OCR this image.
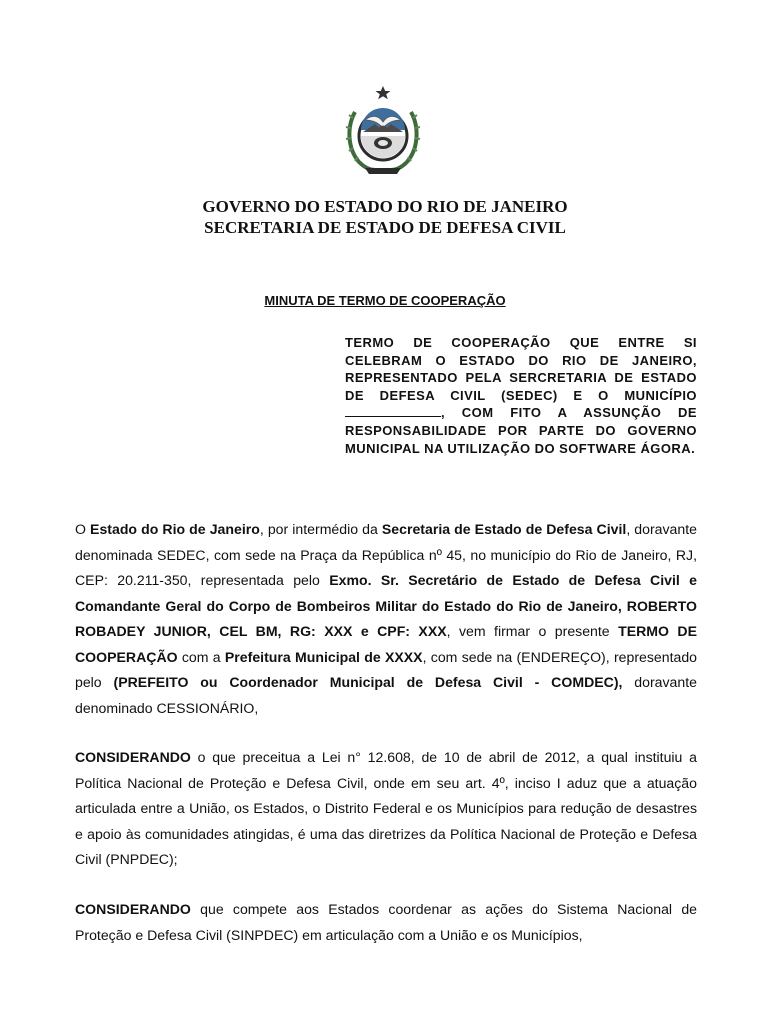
GOVERNO DO ESTADO DO RIO DE JANEIRO
SECRETARIA DE ESTADO DE DEFESA CIVIL
MINUTA DE TERMO DE COOPERAÇÃO
TERMO DE COOPERAÇÃO QUE ENTRE SI CELEBRAM O ESTADO DO RIO DE JANEIRO, REPRESENTADO PELA SERCRETARIA DE ESTADO DE DEFESA CIVIL (SEDEC) E O MUNICÍPIO, COM FITO A ASSUNÇÃO DE RESPONSABILIDADE POR PARTE DO GOVERNO MUNICIPAL NA UTILIZAÇÃO DO SOFTWARE ÁGORA.
O Estado do Rio de Janeiro, por intermédio da Secretaria de Estado de Defesa Civil, doravante denominada SEDEC, com sede na Praça da República nº 45, no município do Rio de Janeiro, RJ, CEP: 20.211-350, representada pelo Exmo. Sr. Secretário de Estado de Defesa Civil e Comandante Geral do Corpo de Bombeiros Militar do Estado do Rio de Janeiro, ROBERTO ROBADEY JUNIOR, CEL BM, RG: XXX e CPF: XXX, vem firmar o presente TERMO DE COOPERAÇÃO com a Prefeitura Municipal de XXXX, com sede na (ENDEREÇO), representado pelo (PREFEITO ou Coordenador Municipal de Defesa Civil - COMDEC), doravante denominado CESSIONÁRIO,
CONSIDERANDO o que preceitua a Lei n° 12.608, de 10 de abril de 2012, a qual instituiu a Política Nacional de Proteção e Defesa Civil, onde em seu art. 4º, inciso I aduz que a atuação articulada entre a União, os Estados, o Distrito Federal e os Municípios para redução de desastres e apoio às comunidades atingidas, é uma das diretrizes da Política Nacional de Proteção e Defesa Civil (PNPDEC);
CONSIDERANDO que compete aos Estados coordenar as ações do Sistema Nacional de Proteção e Defesa Civil (SINPDEC) em articulação com a União e os Municípios,
